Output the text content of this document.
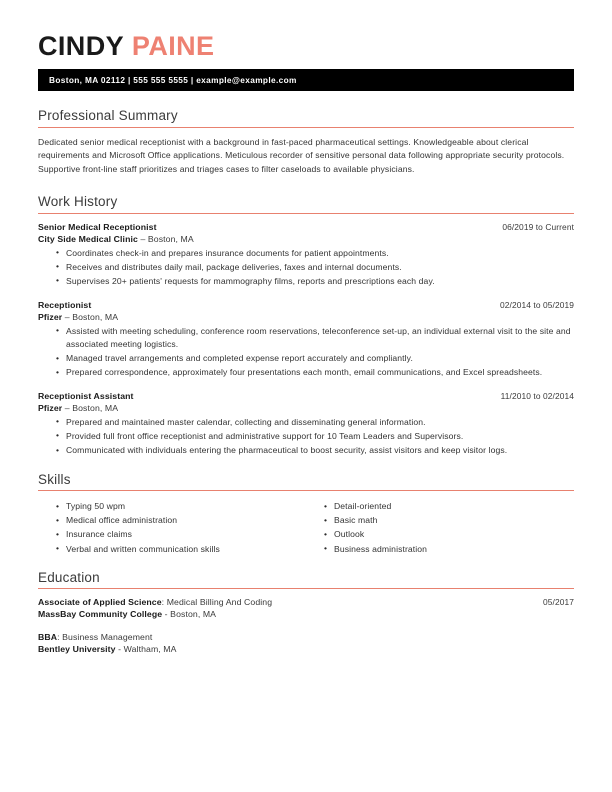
CINDY PAINE
Boston, MA 02112 | 555 555 5555 | example@example.com
Professional Summary
Dedicated senior medical receptionist with a background in fast-paced pharmaceutical settings. Knowledgeable about clerical requirements and Microsoft Office applications. Meticulous recorder of sensitive personal data following appropriate security protocols. Supportive front-line staff prioritizes and triages cases to filter caseloads to available physicians.
Work History
Senior Medical Receptionist	06/2019 to Current
City Side Medical Clinic – Boston, MA
• Coordinates check-in and prepares insurance documents for patient appointments.
• Receives and distributes daily mail, package deliveries, faxes and internal documents.
• Supervises 20+ patients' requests for mammography films, reports and prescriptions each day.
Receptionist	02/2014 to 05/2019
Pfizer – Boston, MA
• Assisted with meeting scheduling, conference room reservations, teleconference set-up, an individual external visit to the site and associated meeting logistics.
• Managed travel arrangements and completed expense report accurately and compliantly.
• Prepared correspondence, approximately four presentations each month, email communications, and Excel spreadsheets.
Receptionist Assistant	11/2010 to 02/2014
Pfizer – Boston, MA
• Prepared and maintained master calendar, collecting and disseminating general information.
• Provided full front office receptionist and administrative support for 10 Team Leaders and Supervisors.
• Communicated with individuals entering the pharmaceutical to boost security, assist visitors and keep visitor logs.
Skills
• Typing 50 wpm
• Medical office administration
• Insurance claims
• Verbal and written communication skills
• Detail-oriented
• Basic math
• Outlook
• Business administration
Education
Associate of Applied Science: Medical Billing And Coding	05/2017
MassBay Community College - Boston, MA
BBA: Business Management
Bentley University - Waltham, MA
